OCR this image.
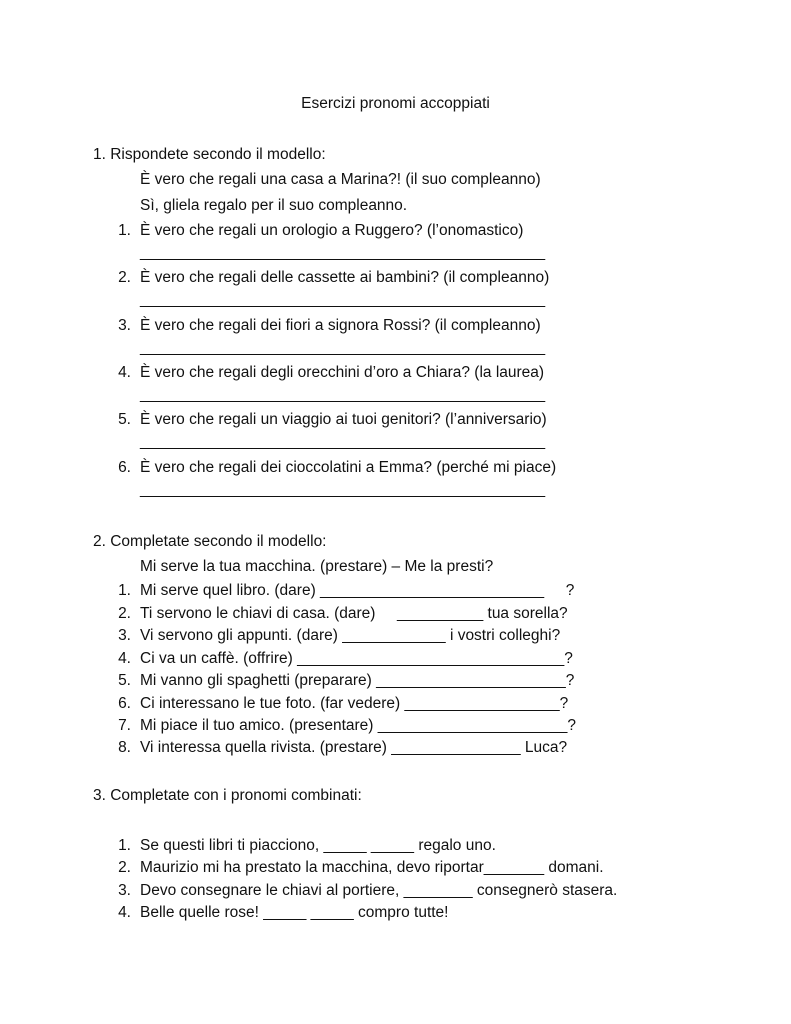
Esercizi pronomi accoppiati
1. Rispondete secondo il modello:
È vero che regali una casa a Marina?! (il suo compleanno)
Sì, gliela regalo per il suo compleanno.
1. È vero che regali un orologio a Ruggero? (l’onomastico)
_______________________________________________
2. È vero che regali delle cassette ai bambini? (il compleanno)
_______________________________________________
3. È vero che regali dei fiori a signora Rossi? (il compleanno)
_______________________________________________
4. È vero che regali degli orecchini d’oro a Chiara? (la laurea)
_______________________________________________
5. È vero che regali un viaggio ai tuoi genitori? (l’anniversario)
_______________________________________________
6. È vero che regali dei cioccolatini a Emma? (perché mi piace)
_______________________________________________
2. Completate secondo il modello:
Mi serve la tua macchina. (prestare) – Me la presti?
1. Mi serve quel libro. (dare) __________________________     ?
2. Ti servono le chiavi di casa. (dare)     __________ tua sorella?
3. Vi servono gli appunti. (dare) ____________ i vostri colleghi?
4. Ci va un caffè. (offrire) _______________________________?
5. Mi vanno gli spaghetti (preparare) ______________________?
6. Ci interessano le tue foto. (far vedere) __________________?
7. Mi piace il tuo amico. (presentare) ______________________?
8. Vi interessa quella rivista. (prestare) _______________ Luca?
3. Completate con i pronomi combinati:
1. Se questi libri ti piacciono, _____ _____ regalo uno.
2. Maurizio mi ha prestato la macchina, devo riportar_______ domani.
3. Devo consegnare le chiavi al portiere, ________ consegnerò stasera.
4. Belle quelle rose! _____ _____ compro tutte!
